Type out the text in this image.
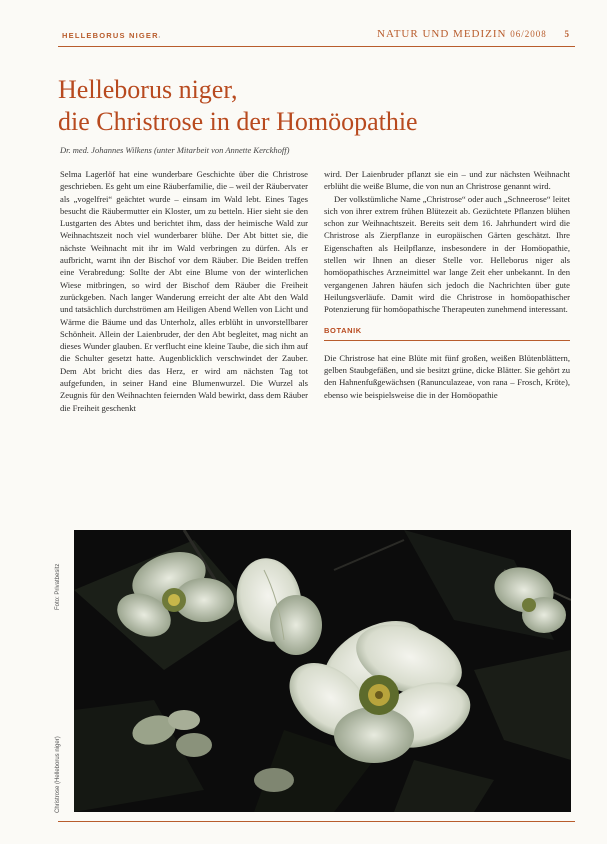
HELLEBORUS NIGER ·	NATUR UND MEDIZIN 06/2008 5
Helleborus niger,
die Christrose in der Homöopathie
Dr. med. Johannes Wilkens (unter Mitarbeit von Annette Kerckhoff)

Selma Lagerlöf hat eine wunderbare Geschichte über die Christrose geschrieben. Es geht um eine Räuberfamilie, die – weil der Räubervater als „vogelfrei“ geächtet wurde – einsam im Wald lebt. Eines Tages besucht die Räubermutter ein Kloster, um zu betteln. Hier sieht sie den Lustgarten des Abtes und berichtet ihm, dass der heimische Wald zur Weihnachtszeit noch viel wunderbarer blühe. Der Abt bittet sie, die nächste Weihnacht mit ihr im Wald verbringen zu dürfen. Als er aufbricht, warnt ihn der Bischof vor dem Räuber. Die Beiden treffen eine Verabredung: Sollte der Abt eine Blume von der winterlichen Wiese mitbringen, so wird der Bischof dem Räuber die Freiheit zurückgeben. Nach langer Wanderung erreicht der alte Abt den Wald und tatsächlich durchströmen am Heiligen Abend Wellen von Licht und Wärme die Bäume und das Unterholz, alles erblüht in unvorstellbarer Schönheit. Allein der Laienbruder, der den Abt begleitet, mag nicht an dieses Wunder glauben. Er verflucht eine kleine Taube, die sich ihm auf die Schulter gesetzt hatte. Augenblicklich verschwindet der Zauber. Dem Abt bricht dies das Herz, er wird am nächsten Tag tot aufgefunden, in seiner Hand eine Blumenwurzel. Die Wurzel als Zeugnis für den Weihnachten feiernden Wald bewirkt, dass dem Räuber die Freiheit geschenkt

wird. Der Laienbruder pflanzt sie ein – und zur nächsten Weihnacht erblüht die weiße Blume, die von nun an Christrose genannt wird.

Der volkstümliche Name „Christrose“ oder auch „Schneerose“ leitet sich von ihrer extrem frühen Blütezeit ab. Gezüchtete Pflanzen blühen schon zur Weihnachtszeit. Bereits seit dem 16. Jahrhundert wird die Christrose als Zierpflanze in europäischen Gärten geschätzt. Ihre Eigenschaften als Heilpflanze, insbesondere in der Homöopathie, stellen wir Ihnen an dieser Stelle vor. Helleborus niger als homöopathisches Arzneimittel war lange Zeit eher unbekannt. In den vergangenen Jahren häufen sich jedoch die Nachrichten über gute Heilungsverläufe. Damit wird die Christrose in homöopathischer Potenzierung für homöopathische Therapeuten zunehmend interessant.

BOTANIK

Die Christrose hat eine Blüte mit fünf großen, weißen Blütenblättern, gelben Staubgefäßen, und sie besitzt grüne, dicke Blätter. Sie gehört zu den Hahnenfußgewächsen (Ranunculazeae, von rana – Frosch, Kröte), ebenso wie beispielsweise die in der Homöopathie

Foto: Privatbesitz
Christrose (Helleborus niger)
